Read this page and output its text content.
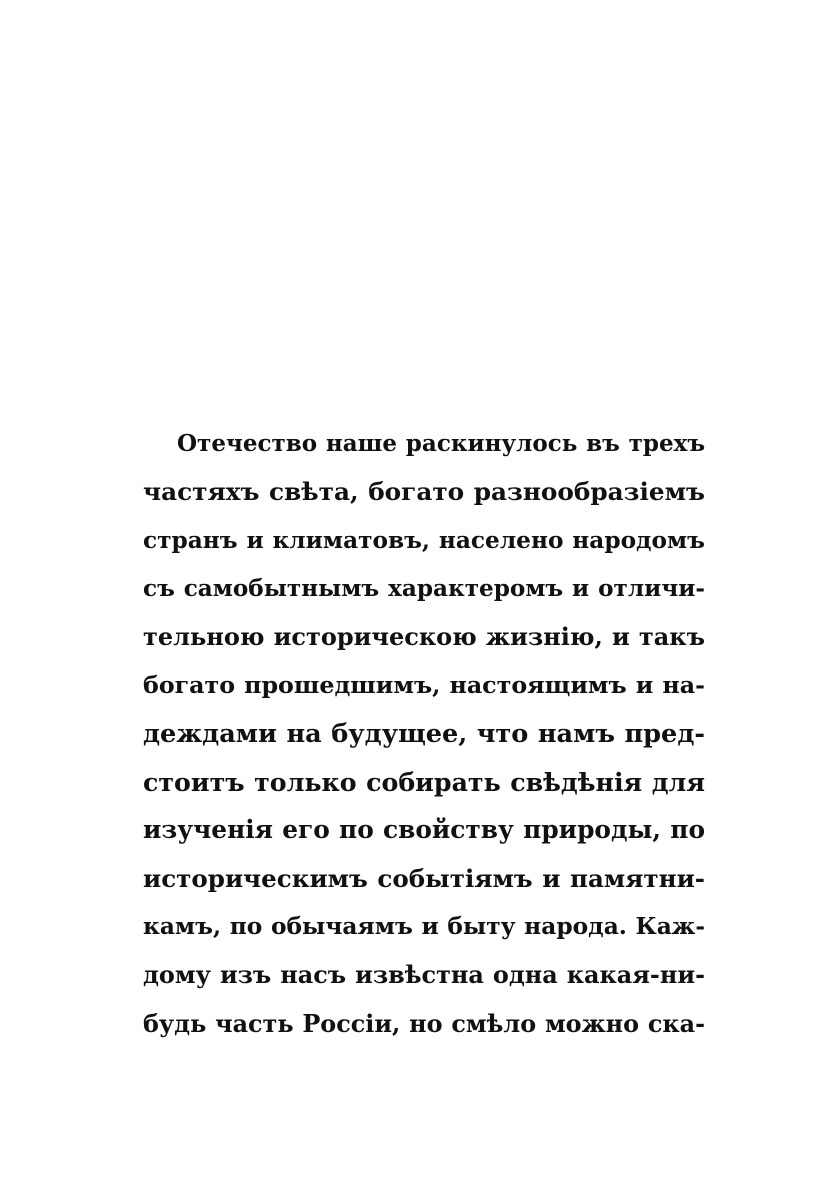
Отечество наше раскинулось въ трехъ
частяхъ свѣта, богато разнообразіемъ
странъ и климатовъ, населено народомъ
съ самобытнымъ характеромъ и отличи-
тельною историческою жизнію, и такъ
богато прошедшимъ, настоящимъ и на-
деждами на будущее, что намъ пред-
стоитъ только собирать свѣдѣнія для
изученія его по свойству природы, по
историческимъ событіямъ и памятни-
камъ, по обычаямъ и быту народа. Каж-
дому изъ насъ извѣстна одна какая-ни-
будь часть Россіи, но смѣло можно ска-
